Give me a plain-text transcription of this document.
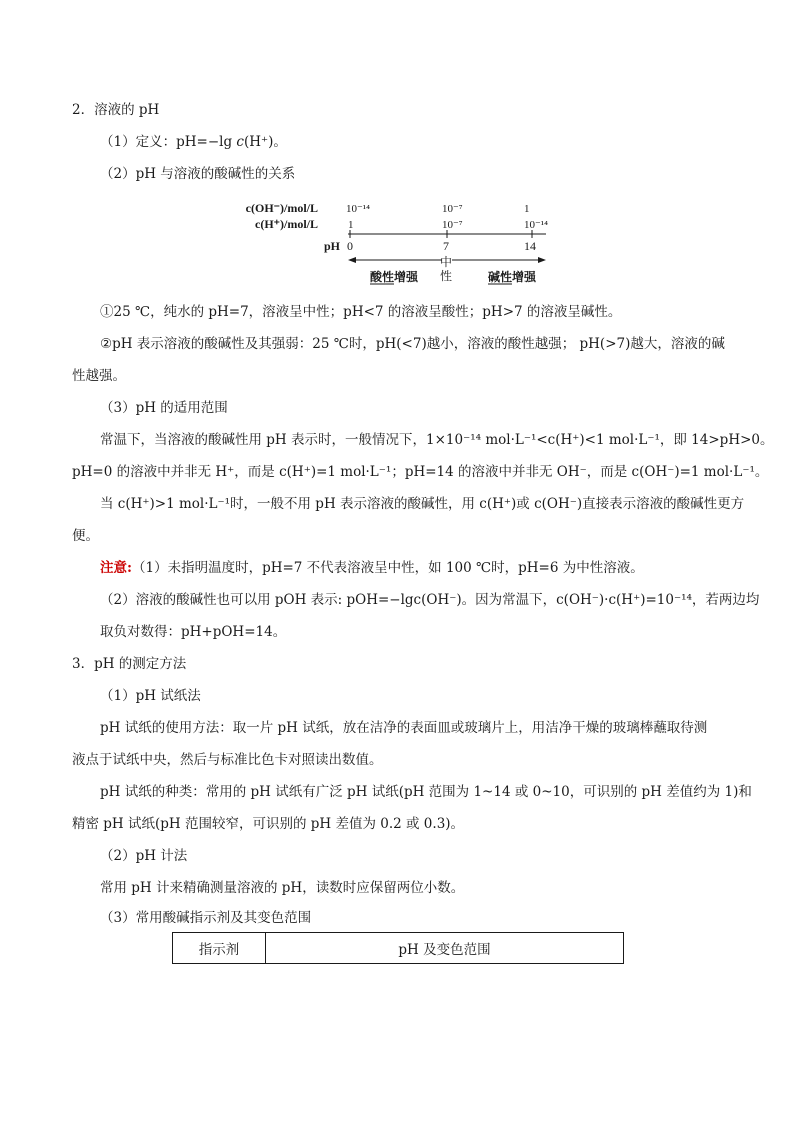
2．溶液的 pH
（1）定义：pH=−lg c(H⁺)。
（2）pH 与溶液的酸碱性的关系
c(OH⁻)/mol/L
c(H⁺)/mol/L
pH
10⁻¹⁴	10⁻⁷	1
1	10⁻⁷	10⁻¹⁴
0	7	14
酸性增强
中
性	碱性增强
①25 ℃，纯水的 pH=7，溶液呈中性；pH<7 的溶液呈酸性；pH>7 的溶液呈碱性。
②pH 表示溶液的酸碱性及其强弱：25 ℃时，pH(<7)越小，溶液的酸性越强； pH(>7)越大，溶液的碱
性越强。
（3）pH 的适用范围
常温下，当溶液的酸碱性用 pH 表示时，一般情况下，1×10⁻¹⁴ mol·L⁻¹<c(H⁺)<1 mol·L⁻¹，即 14>pH>0。
pH=0 的溶液中并非无 H⁺，而是 c(H⁺)=1 mol·L⁻¹；pH=14 的溶液中并非无 OH⁻，而是 c(OH⁻)=1 mol·L⁻¹。
当 c(H⁺)>1 mol·L⁻¹时，一般不用 pH 表示溶液的酸碱性，用 c(H⁺)或 c(OH⁻)直接表示溶液的酸碱性更方
便。
注意:（1）未指明温度时，pH=7 不代表溶液呈中性，如 100 ℃时，pH=6 为中性溶液。
（2）溶液的酸碱性也可以用 pOH 表示: pOH=−lgc(OH⁻)。因为常温下，c(OH⁻)·c(H⁺)=10⁻¹⁴，若两边均
取负对数得：pH+pOH=14。
3．pH 的测定方法
（1）pH 试纸法
pH 试纸的使用方法：取一片 pH 试纸，放在洁净的表面皿或玻璃片上，用洁净干燥的玻璃棒蘸取待测
液点于试纸中央，然后与标准比色卡对照读出数值。
pH 试纸的种类：常用的 pH 试纸有广泛 pH 试纸(pH 范围为 1~14 或 0~10，可识别的 pH 差值约为 1)和
精密 pH 试纸(pH 范围较窄，可识别的 pH 差值为 0.2 或 0.3)。
（2）pH 计法
常用 pH 计来精确测量溶液的 pH，读数时应保留两位小数。
（3）常用酸碱指示剂及其变色范围
指示剂	pH 及变色范围
